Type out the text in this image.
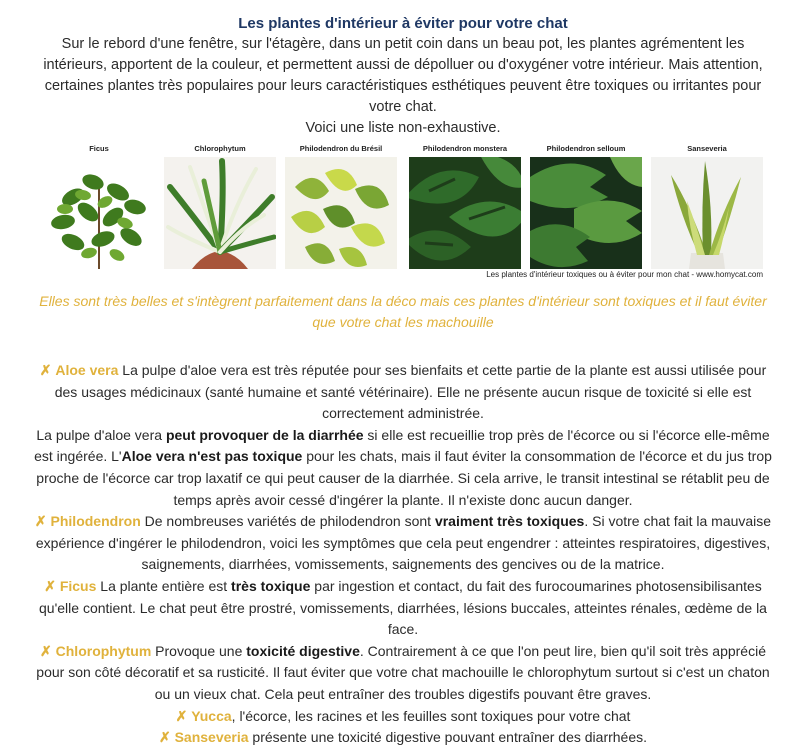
Les plantes d'intérieur à éviter pour votre chat

Sur le rebord d'une fenêtre, sur l'étagère, dans un petit coin dans un beau pot, les plantes agrémentent les intérieurs, apportent de la couleur, et permettent aussi de dépolluer ou d'oxygéner votre intérieur. Mais attention, certaines plantes très populaires pour leurs caractéristiques esthétiques peuvent être toxiques ou irritantes pour votre chat.
Voici une liste non-exhaustive.

Ficus	Chlorophytum	Philodendron du Brésil	Philodendron monstera	Philodendron selloum	Sanseveria
Les plantes d'intérieur toxiques ou à éviter pour mon chat - www.homycat.com

Elles sont très belles et s'intègrent parfaitement dans la déco mais ces plantes d'intérieur sont toxiques et il faut éviter que votre chat les machouille

✗ Aloe vera La pulpe d'aloe vera est très réputée pour ses bienfaits et cette partie de la plante est aussi utilisée pour des usages médicinaux (santé humaine et santé vétérinaire). Elle ne présente aucun risque de toxicité si elle est correctement administrée.
La pulpe d'aloe vera peut provoquer de la diarrhée si elle est recueillie trop près de l'écorce ou si l'écorce elle-même est ingérée. L'Aloe vera n'est pas toxique pour les chats, mais il faut éviter la consommation de l'écorce et du jus trop proche de l'écorce car trop laxatif ce qui peut causer de la diarrhée. Si cela arrive, le transit intestinal se rétablit peu de temps après avoir cessé d'ingérer la plante. Il n'existe donc aucun danger.
✗ Philodendron De nombreuses variétés de philodendron sont vraiment très toxiques. Si votre chat fait la mauvaise expérience d'ingérer le philodendron, voici les symptômes que cela peut engendrer : atteintes respiratoires, digestives, saignements, diarrhées, vomissements, saignements des gencives ou de la matrice.
✗ Ficus La plante entière est très toxique par ingestion et contact, du fait des furocoumarines photosensibilisantes qu'elle contient. Le chat peut être prostré, vomissements, diarrhées, lésions buccales, atteintes rénales, œdème de la face.
✗ Chlorophytum Provoque une toxicité digestive. Contrairement à ce que l'on peut lire, bien qu'il soit très apprécié pour son côté décoratif et sa rusticité. Il faut éviter que votre chat machouille le chlorophytum surtout si c'est un chaton ou un vieux chat. Cela peut entraîner des troubles digestifs pouvant être graves.
✗ Yucca, l'écorce, les racines et les feuilles sont toxiques pour votre chat
✗ Sanseveria présente une toxicité digestive pouvant entraîner des diarrhées.
